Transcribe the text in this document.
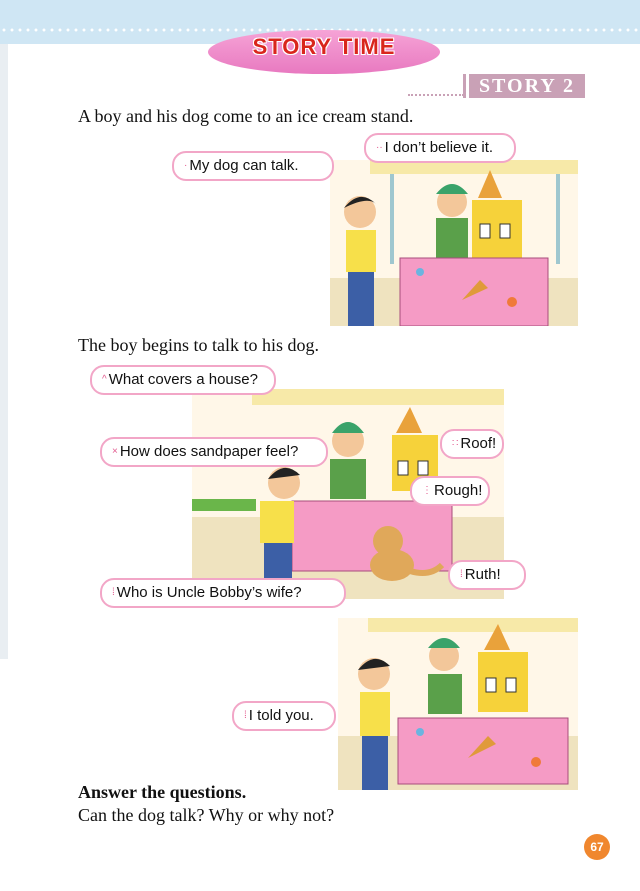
STORY TIME
STORY 2
A boy and his dog come to an ice cream stand.
· My dog can talk.
·· I don’t believe it.
The boy begins to talk to his dog.
^ What covers a house?
× How does sandpaper feel?	∷ Roof!
⋮ Rough!
⁞ Who is Uncle Bobby’s wife?
⁞ Ruth!
⁞ I told you.
Answer the questions.
Can the dog talk? Why or why not?
67
